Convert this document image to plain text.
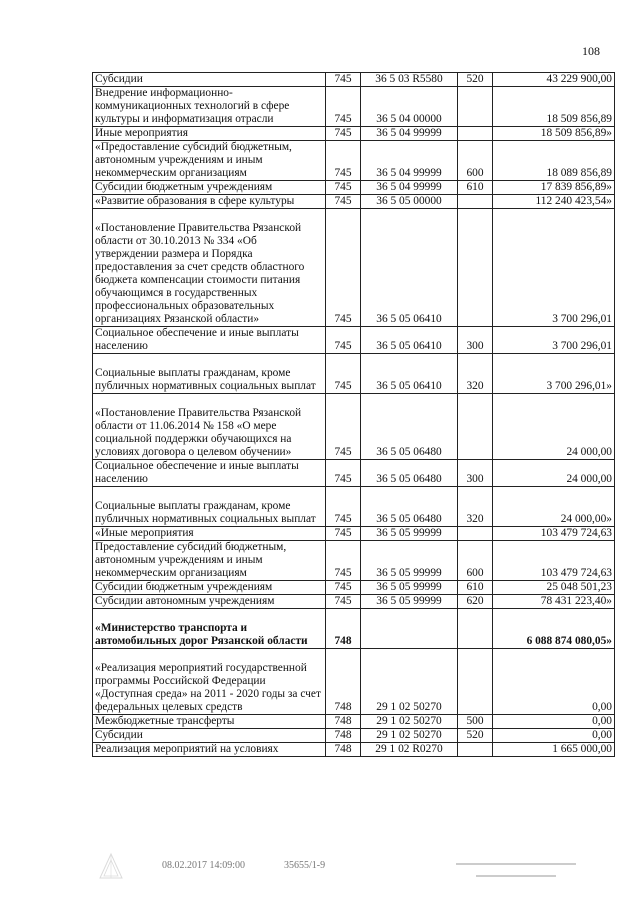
108
Субсидии	745	36 5 03 R5580	520	43 229 900,00
Внедрение информационно-коммуникационных технологий в сфере культуры и информатизация отрасли	745	36 5 04 00000		18 509 856,89
Иные мероприятия	745	36 5 04 99999		18 509 856,89»
«Предоставление субсидий бюджетным, автономным учреждениям и иным некоммерческим организациям	745	36 5 04 99999	600	18 089 856,89
Субсидии бюджетным учреждениям	745	36 5 04 99999	610	17 839 856,89»
«Развитие образования в сфере культуры	745	36 5 05 00000		112 240 423,54»
«Постановление Правительства Рязанской области от 30.10.2013 № 334 «Об утверждении размера и Порядка предоставления за счет средств областного бюджета компенсации стоимости питания обучающимся в государственных профессиональных образовательных организациях Рязанской области»	745	36 5 05 06410		3 700 296,01
Социальное обеспечение и иные выплаты населению	745	36 5 05 06410	300	3 700 296,01
Социальные выплаты гражданам, кроме публичных нормативных социальных выплат	745	36 5 05 06410	320	3 700 296,01»
«Постановление Правительства Рязанской области от 11.06.2014 № 158 «О мере социальной поддержки обучающихся на условиях договора о целевом обучении»	745	36 5 05 06480		24 000,00
Социальное обеспечение и иные выплаты населению	745	36 5 05 06480	300	24 000,00
Социальные выплаты гражданам, кроме публичных нормативных социальных выплат	745	36 5 05 06480	320	24 000,00»
«Иные мероприятия	745	36 5 05 99999		103 479 724,63
Предоставление субсидий бюджетным, автономным учреждениям и иным некоммерческим организациям	745	36 5 05 99999	600	103 479 724,63
Субсидии бюджетным учреждениям	745	36 5 05 99999	610	25 048 501,23
Субсидии автономным учреждениям	745	36 5 05 99999	620	78 431 223,40»
«Министерство транспорта и автомобильных дорог Рязанской области	748			6 088 874 080,05»
«Реализация мероприятий государственной программы Российской Федерации «Доступная среда» на 2011 - 2020 годы за счет федеральных целевых средств	748	29 1 02 50270		0,00
Межбюджетные трансферты	748	29 1 02 50270	500	0,00
Субсидии	748	29 1 02 50270	520	0,00
Реализация мероприятий на условиях	748	29 1 02 R0270		1 665 000,00
08.02.2017 14:09:00	35655/1-9
